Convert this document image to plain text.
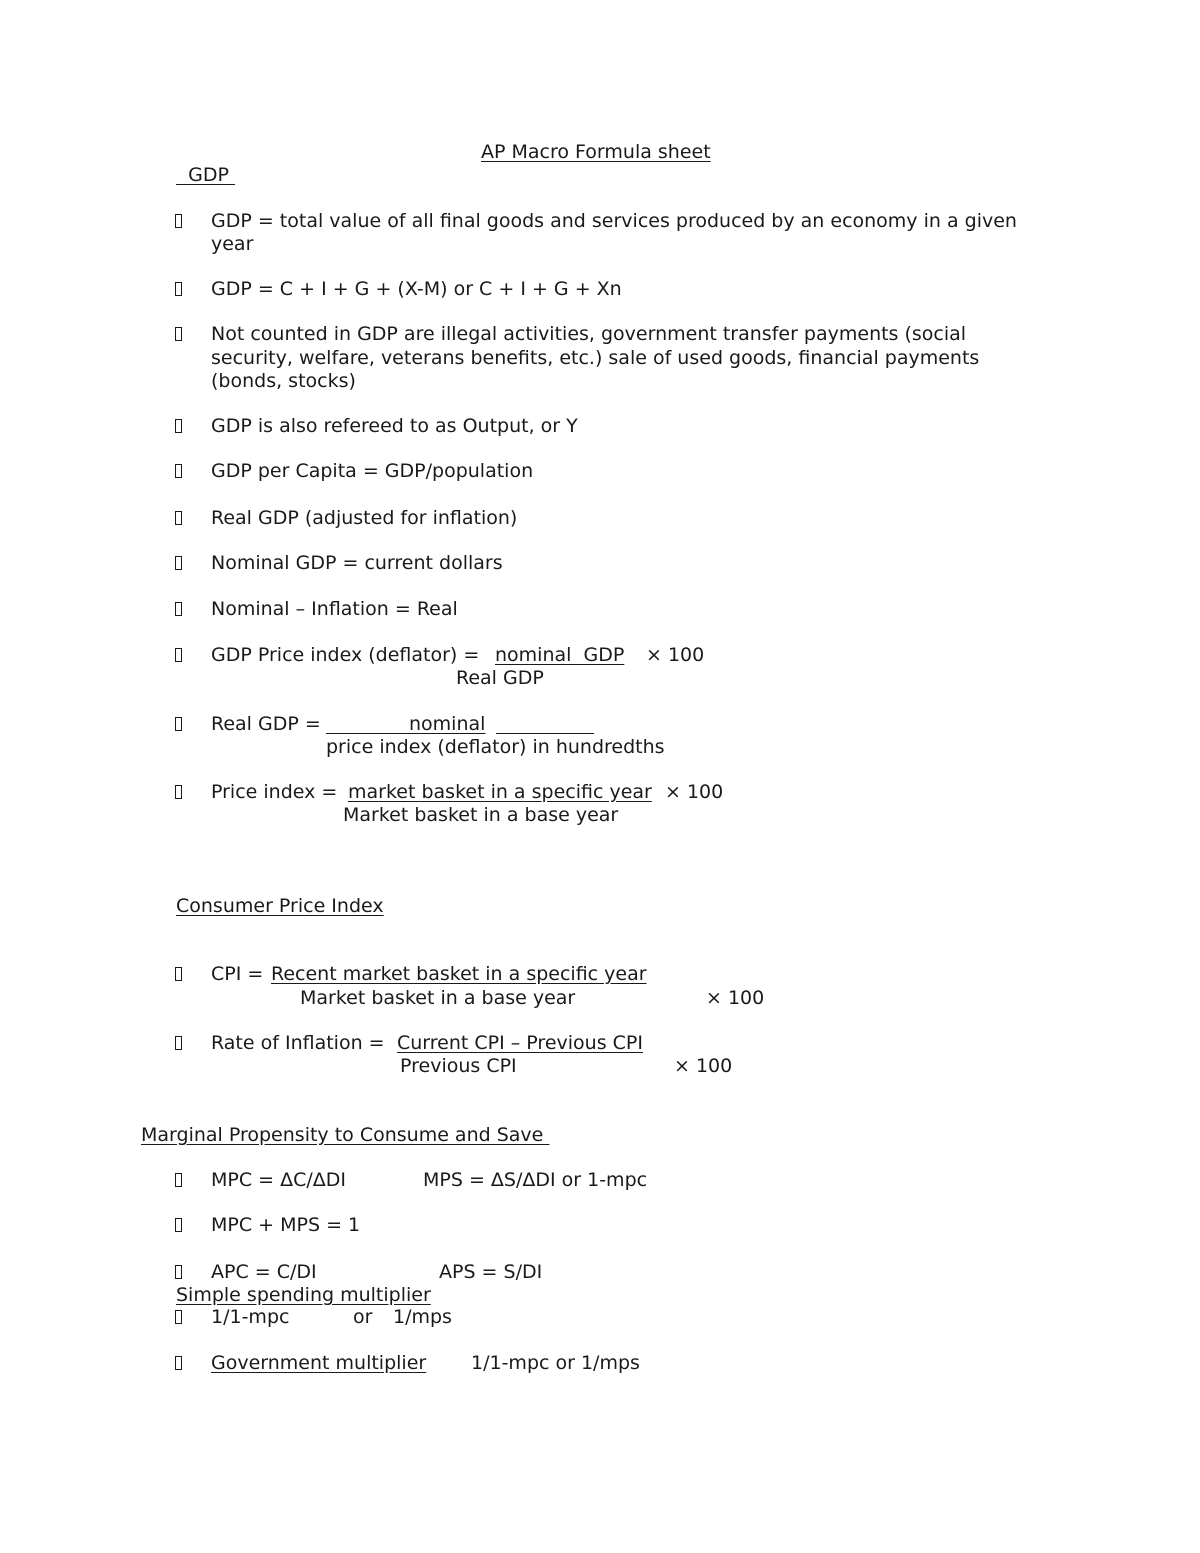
AP Macro Formula sheet
GDP
GDP = total value of all final goods and services produced by an economy in a given
year
GDP = C + I + G + (X-M) or C + I + G + Xn
Not counted in GDP are illegal activities, government transfer payments (social
security, welfare, veterans benefits, etc.) sale of used goods, financial payments
(bonds, stocks)
GDP is also refereed to as Output, or Y
GDP per Capita = GDP/population
Real GDP (adjusted for inflation)
Nominal GDP = current dollars
Nominal – Inflation = Real
GDP Price index (deflator) = nominal  GDP × 100
Real GDP
Real GDP =	nominal
price index (deflator) in hundredths
Price index = market basket in a specific year × 100
Market basket in a base year
Consumer Price Index
CPI = Recent market basket in a specific year
Market basket in a base year	× 100
Rate of Inflation = Current CPI – Previous CPI
Previous CPI	× 100
Marginal Propensity to Consume and Save
MPC = ΔC/ΔDI	MPS = ΔS/ΔDI or 1-mpc
MPC + MPS = 1
APC = C/DI	APS = S/DI
Simple spending multiplier
1/1-mpc	or 1/mps
Government multiplier 1/1-mpc or 1/mps
